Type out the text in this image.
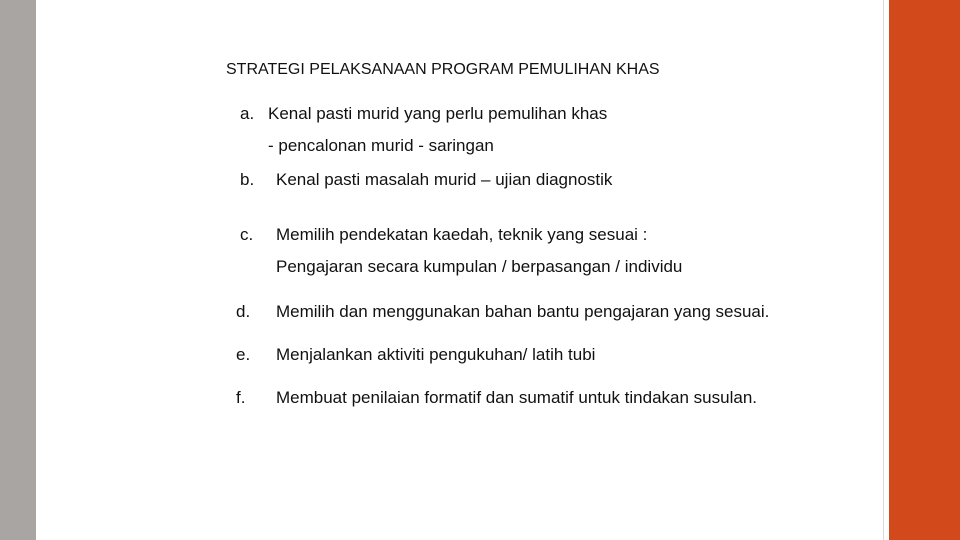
STRATEGI PELAKSANAAN PROGRAM PEMULIHAN KHAS
a. Kenal pasti murid yang perlu pemulihan khas
- pencalonan murid - saringan
b. Kenal pasti masalah murid – ujian diagnostik
c. Memilih pendekatan kaedah, teknik yang sesuai :
Pengajaran secara kumpulan / berpasangan / individu
d. Memilih dan menggunakan bahan bantu pengajaran yang sesuai.
e. Menjalankan aktiviti pengukuhan/ latih tubi
f. Membuat penilaian formatif dan sumatif untuk tindakan susulan.
